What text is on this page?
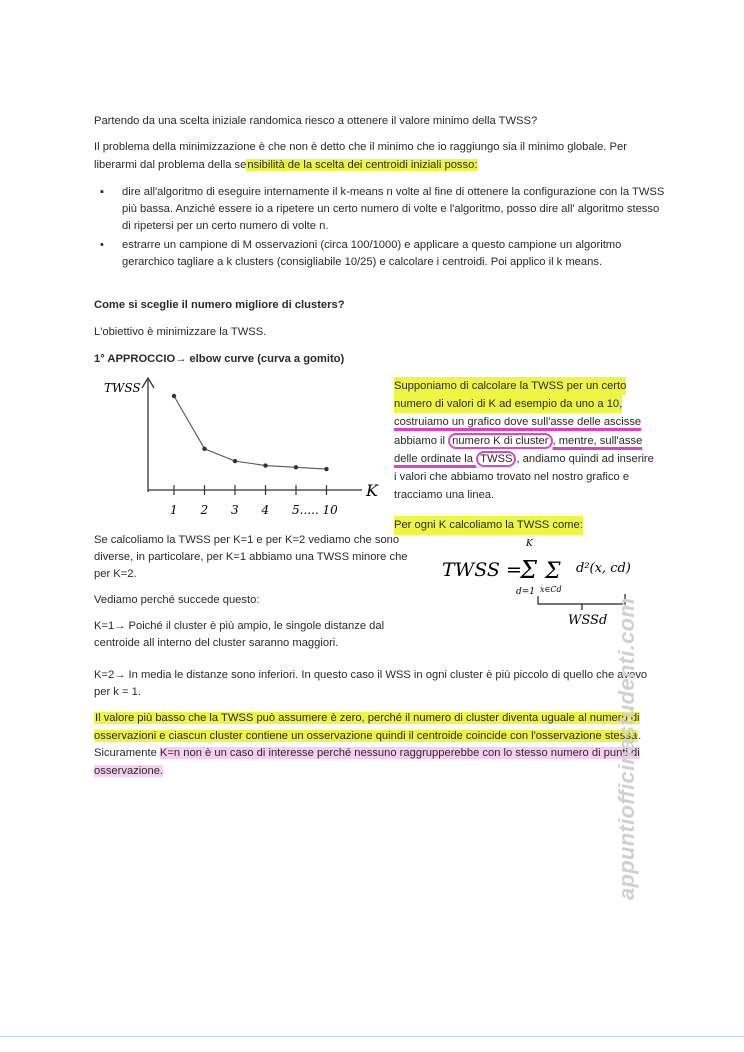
Partendo da una scelta iniziale randomica riesco a ottenere il valore minimo della TWSS?

Il problema della minimizzazione è che non è detto che il minimo che io raggiungo sia il minimo globale. Per liberarmi dal problema della sensibilità de la scelta dei centroidi iniziali posso:

▪ dire all'algoritmo di eseguire internamente il k-means n volte al fine di ottenere la configurazione con la TWSS più bassa. Anziché essere io a ripetere un certo numero di volte e l'algoritmo, posso dire all' algoritmo stesso di ripetersi per un certo numero di volte n.
• estrarre un campione di M osservazioni (circa 100/1000) e applicare a questo campione un algoritmo gerarchico tagliare a k clusters (consigliabile 10/25) e calcolare i centroidi. Poi applico il k means.

Come si sceglie il numero migliore di clusters?

L'obiettivo è minimizzare la TWSS.

1° APPROCCIO→ elbow curve (curva a gomito)

TWSS
K
1 2 3 4 5..... 10
Supponiamo di calcolare la TWSS per un certo
numero di valori di K ad esempio da uno a 10,
costruiamo un grafico dove sull'asse delle ascisse
abbiamo il numero K di cluster , mentre, sull'asse
delle ordinate la TWSS , andiamo quindi ad inserire
i valori che abbiamo trovato nel nostro grafico e
tracciamo una linea.
Per ogni K calcoliamo la TWSS come:

Se calcoliamo la TWSS per K=1 e per K=2 vediamo che sono diverse, in particolare, per K=1 abbiamo una TWSS minore che per K=2.

Vediamo perché succede questo:

K=1→ Poiché il cluster è più ampio, le singole distanze dal centroide all interno del cluster saranno maggiori.

TWSS =
K
Σ
d=1
Σ
x∈Cd
d²(x, cd)
WSSd

K=2→ In media le distanze sono inferiori. In questo caso il WSS in ogni cluster è più piccolo di quello che avevo per k = 1.

Il valore più basso che la TWSS può assumere è zero, perché il numero di cluster diventa uguale al numero di osservazioni e ciascun cluster contiene un osservazione quindi il centroide coincide con l'osservazione stessa. Sicuramente K=n non è un caso di interesse perché nessuno raggrupperebbe con lo stesso numero di punti di osservazione.	appuntiofficinastudenti.com
